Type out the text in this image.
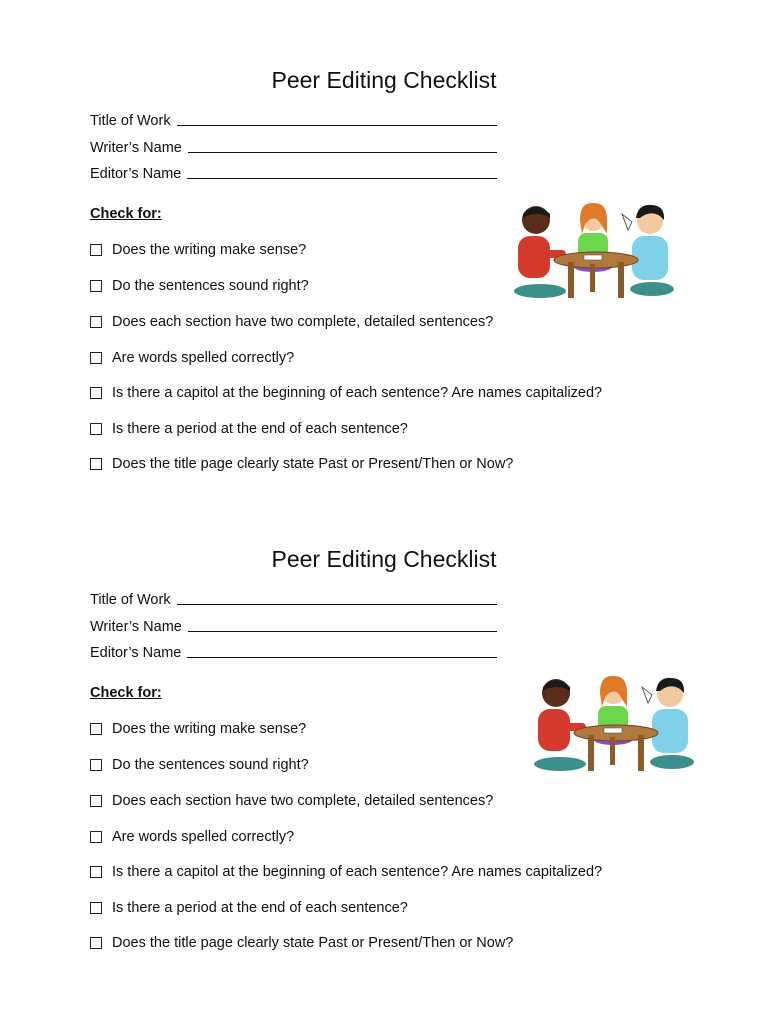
Peer Editing Checklist
Title of Work
Writer’s Name
Editor’s Name
Check for:
Does the writing make sense?
Do the sentences sound right?
Does each section have two complete, detailed sentences?
Are words spelled correctly?
Is there a capitol at the beginning of each sentence? Are names capitalized?
Is there a period at the end of each sentence?
Does the title page clearly state Past or Present/Then or Now?
Peer Editing Checklist
Title of Work
Writer’s Name
Editor’s Name
Check for:
Does the writing make sense?
Do the sentences sound right?
Does each section have two complete, detailed sentences?
Are words spelled correctly?
Is there a capitol at the beginning of each sentence? Are names capitalized?
Is there a period at the end of each sentence?
Does the title page clearly state Past or Present/Then or Now?
